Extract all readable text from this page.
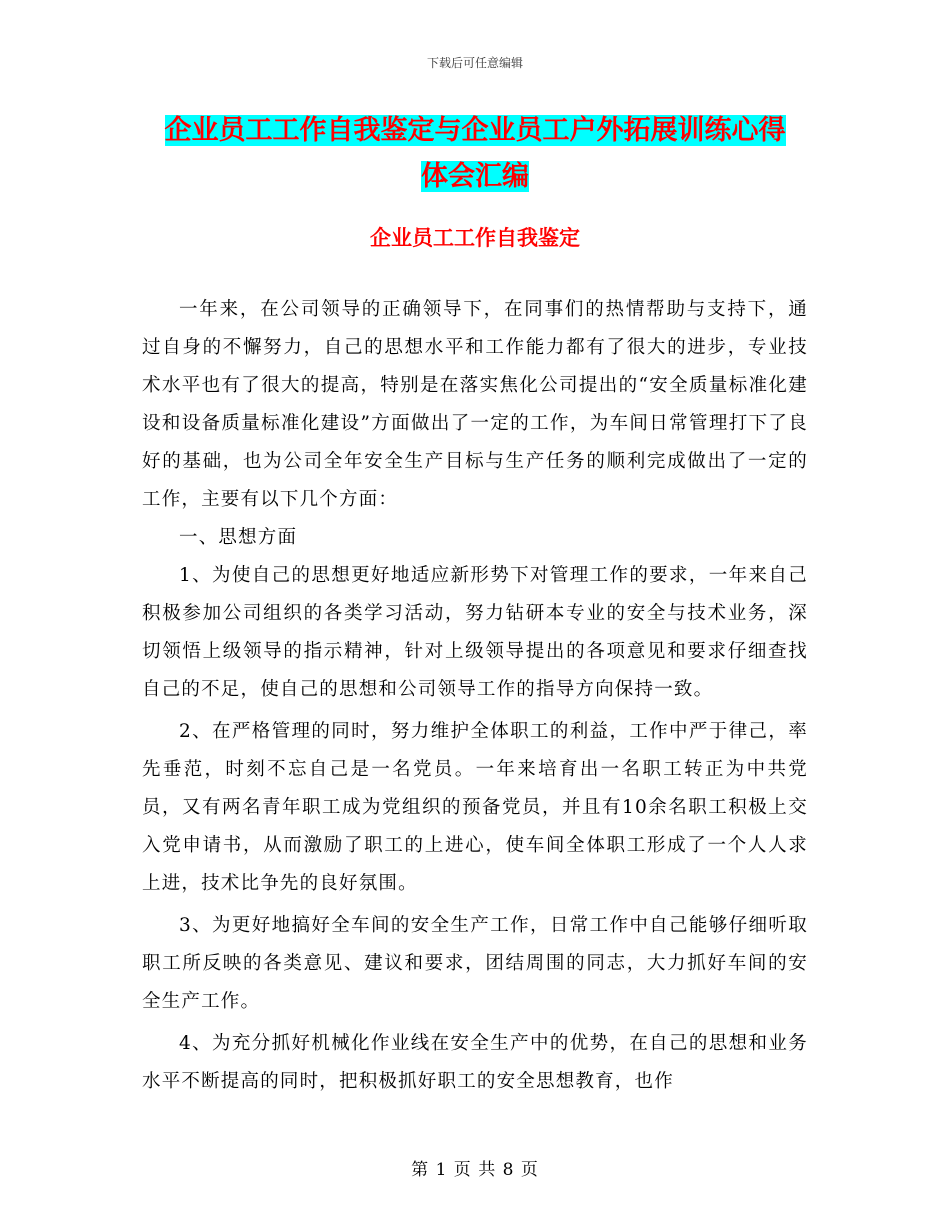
下载后可任意编辑
企业员工工作自我鉴定与企业员工户外拓展训练心得
体会汇编
企业员工工作自我鉴定

一年来，在公司领导的正确领导下，在同事们的热情帮助与支持下，通过自身的不懈努力，自己的思想水平和工作能力都有了很大的进步，专业技术水平也有了很大的提高，特别是在落实焦化公司提出的“安全质量标准化建设和设备质量标准化建设”方面做出了一定的工作，为车间日常管理打下了良好的基础，也为公司全年安全生产目标与生产任务的顺利完成做出了一定的工作，主要有以下几个方面：

一、思想方面

1、为使自己的思想更好地适应新形势下对管理工作的要求，一年来自己积极参加公司组织的各类学习活动，努力钻研本专业的安全与技术业务，深切领悟上级领导的指示精神，针对上级领导提出的各项意见和要求仔细查找自己的不足，使自己的思想和公司领导工作的指导方向保持一致。

2、在严格管理的同时，努力维护全体职工的利益，工作中严于律己，率先垂范，时刻不忘自己是一名党员。一年来培育出一名职工转正为中共党员，又有两名青年职工成为党组织的预备党员，并且有10余名职工积极上交入党申请书，从而激励了职工的上进心，使车间全体职工形成了一个人人求上进，技术比争先的良好氛围。

3、为更好地搞好全车间的安全生产工作，日常工作中自己能够仔细听取职工所反映的各类意见、建议和要求，团结周围的同志，大力抓好车间的安全生产工作。

4、为充分抓好机械化作业线在安全生产中的优势，在自己的思想和业务水平不断提高的同时，把积极抓好职工的安全思想教育，也作

第 1 页 共 8 页
